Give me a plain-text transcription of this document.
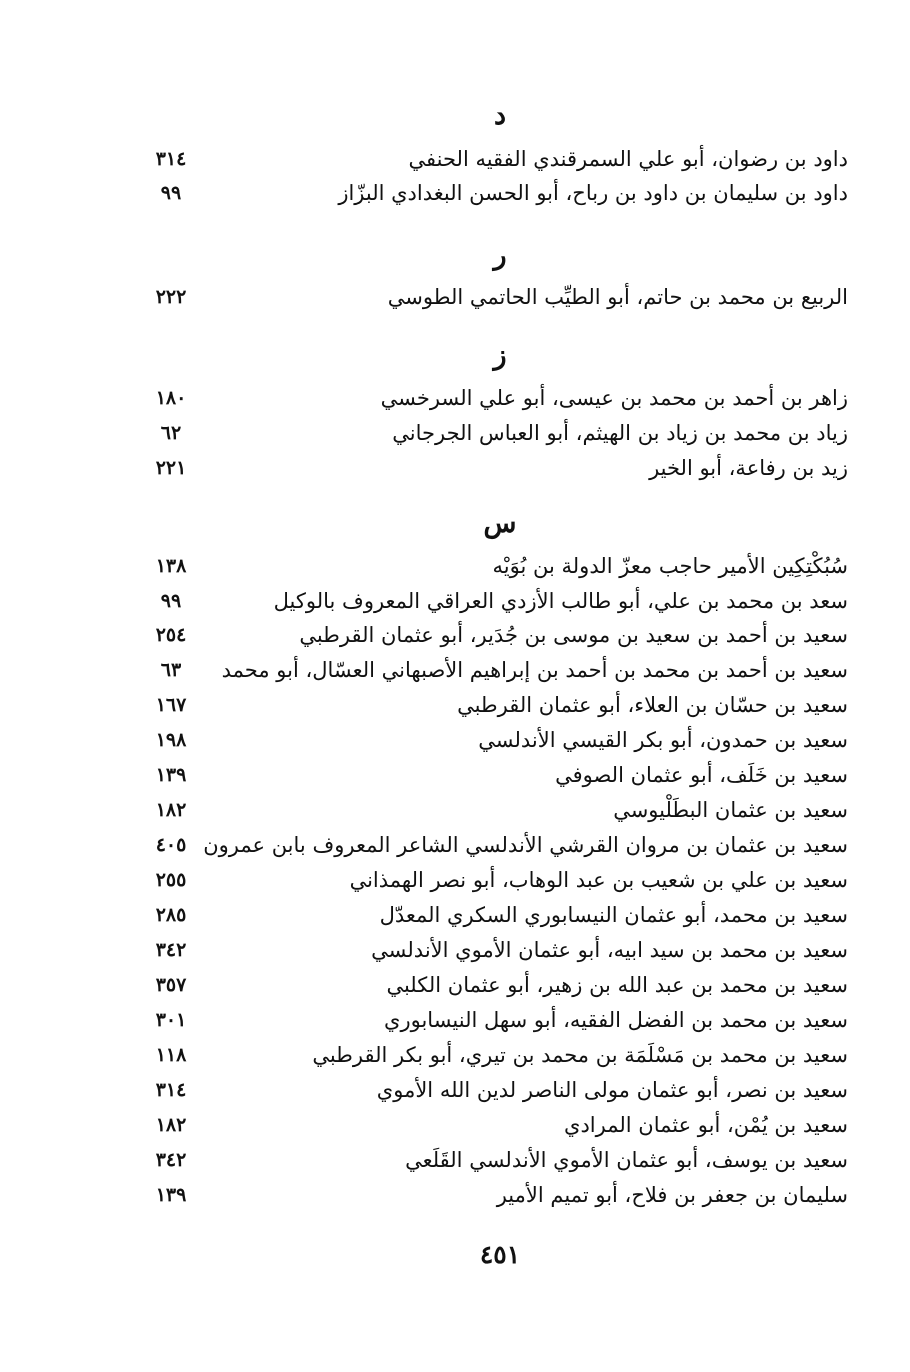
د
داود بن رضوان، أبو علي السمرقندي الفقيه الحنفي
٣١٤
داود بن سليمان بن داود بن رباح، أبو الحسن البغدادي البزّاز
٩٩
ر
الربيع بن محمد بن حاتم، أبو الطيِّب الحاتمي الطوسي
٢٢٢
ز
زاهر بن أحمد بن محمد بن عيسى، أبو علي السرخسي
١٨٠
زياد بن محمد بن زياد بن الهيثم، أبو العباس الجرجاني
٦٢
زيد بن رفاعة، أبو الخير
٢٢١
س
سُبُكْتِكِين الأمير حاجب معزّ الدولة بن بُوَيْه
١٣٨
سعد بن محمد بن علي، أبو طالب الأزدي العراقي المعروف بالوكيل
٩٩
سعيد بن أحمد بن سعيد بن موسى بن جُدَير، أبو عثمان القرطبي
٢٥٤
سعيد بن أحمد بن محمد بن أحمد بن إبراهيم الأصبهاني العسّال، أبو محمد
٦٣
سعيد بن حسّان بن العلاء، أبو عثمان القرطبي
١٦٧
سعيد بن حمدون، أبو بكر القيسي الأندلسي
١٩٨
سعيد بن خَلَف، أبو عثمان الصوفي
١٣٩
سعيد بن عثمان البطَلْيوسي
١٨٢
سعيد بن عثمان بن مروان القرشي الأندلسي الشاعر المعروف بابن عمرون
٤٠٥
سعيد بن علي بن شعيب بن عبد الوهاب، أبو نصر الهمذاني
٢٥٥
سعيد بن محمد، أبو عثمان النيسابوري السكري المعدّل
٢٨٥
سعيد بن محمد بن سيد ابيه، أبو عثمان الأموي الأندلسي
٣٤٢
سعيد بن محمد بن عبد الله بن زهير، أبو عثمان الكلبي
٣٥٧
سعيد بن محمد بن الفضل الفقيه، أبو سهل النيسابوري
٣٠١
سعيد بن محمد بن مَسْلَمَة بن محمد بن تيري، أبو بكر القرطبي
١١٨
سعيد بن نصر، أبو عثمان مولى الناصر لدين الله الأموي
٣١٤
سعيد بن يُمْن، أبو عثمان المرادي
١٨٢
سعيد بن يوسف، أبو عثمان الأموي الأندلسي القَلَعي
٣٤٢
سليمان بن جعفر بن فلاح، أبو تميم الأمير
١٣٩
٤٥١
